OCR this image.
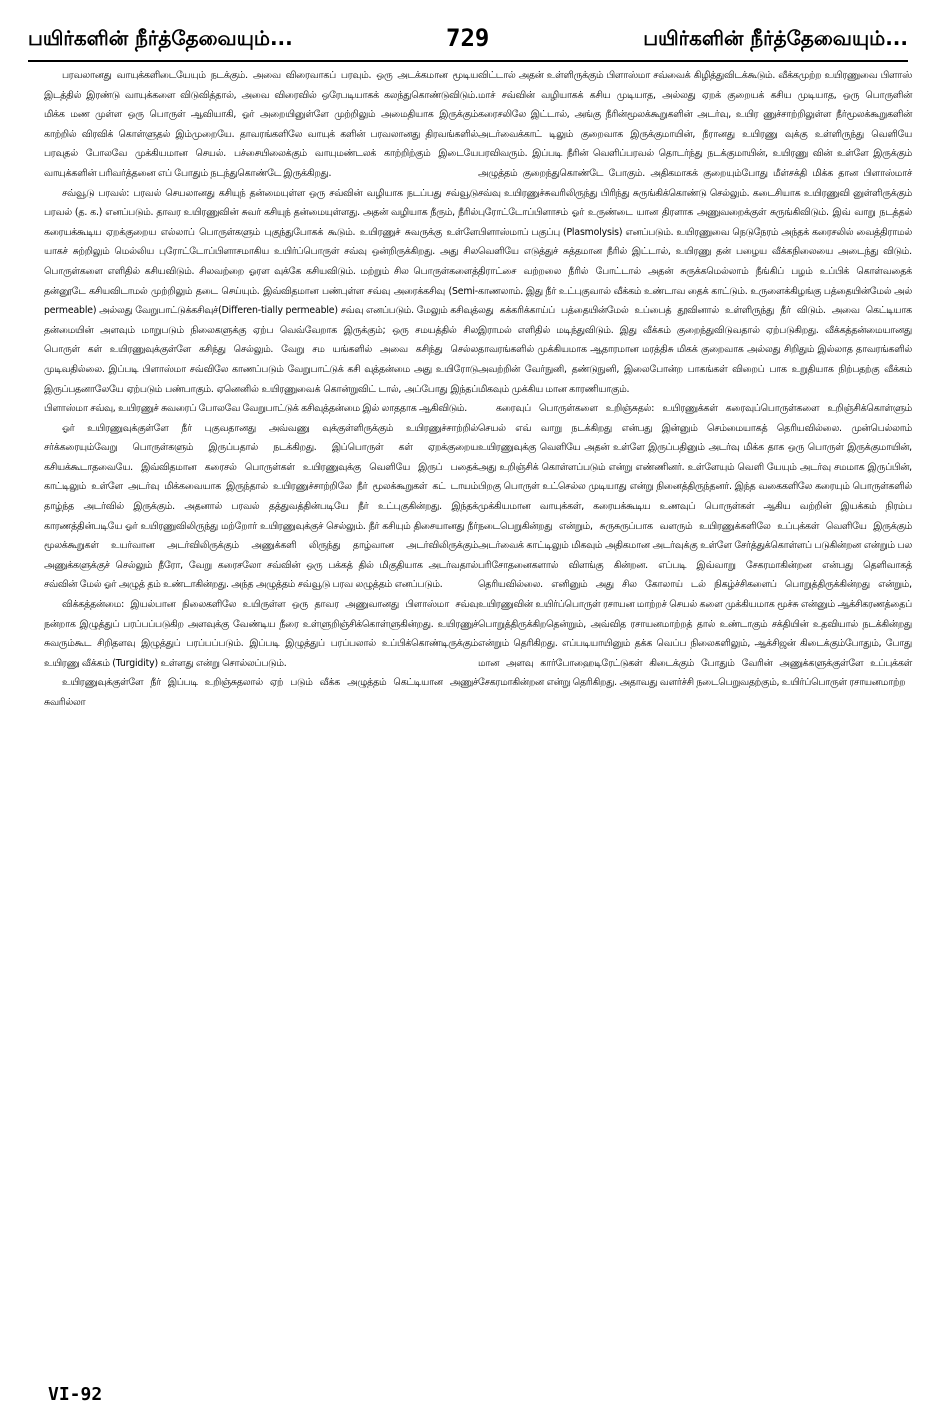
பயிர்களின் நீர்த்தேவையும்...	729	பயிர்களின் நீர்த்தேவையும்...

பரவலானது வாயுக்களிடையேயும் நடக்கும். அவை விரைவாகப் பரவும். ஒரு அடக்கமான மூடிய இடத்தில் இரண்டு வாயுக்களை விடுவித்தால், அவை விரைவில் ஒரேபடியாகக் கலந்துகொண்டுவிடும். மிக்க மண முள்ள ஒரு பொருள் ஆவியாகி, ஓர் அறையினுள்ளே முற்றிலும் அமைதியாக இருக்கும் காற்றில் விரவிக் கொள்ளுதல் இம்முறையே. தாவரங்களிலே வாயுக் களின் பரவலானது திரவங்களில் பரவுதல் போலவே முக்கியமான செயல். பச்சையிலைக்கும் வாயுமண்டலக் காற்றிற்கும் இடையே வாயுக்களின் பரிவர்த்தனை எப் போதும் நடந்துகொண்டே இருக்கிறது.

சவ்வூடு பரவல்: பரவல் செயலானது கசியுந் தன்மையுள்ள ஒரு சவ்வின் வழியாக நடப்பது சவ்வூடு பரவல் (த. க.) எனப்படும். தாவர உயிரணுவின் சுவர் கசியுந் தன்மையுள்ளது. அதன் வழியாக நீரும், நீரில் கரையக்கூடிய ஏறக்குறைய எல்லாப் பொருள்களும் புகுந்துபோகக் கூடும். உயிரணுச் சுவருக்கு உள்ளே யாகச் சுற்றிலும் மெல்லிய புரோட்டோப்பிளாசமாகிய உயிர்ப்பொருள் சவ்வு ஒன்றிருக்கிறது. அது சில பொருள்களை எளிதில் கசியவிடும். சிலவற்றை ஓரள வுக்கே கசியவிடும். மற்றும் சில பொருள்களைத் தன்னூடே கசியவிடாமல் முற்றிலும் தடை செய்யும். இவ்விதமான பண்புள்ள சவ்வு அரைக்கசிவு (Semi-permeable) அல்லது வேறுபாட்டுக்கசிவுச்(Differen-tially permeable) சவ்வு எனப்படும். மேலும் கசிவுத் தன்மையின் அளவும் மாறுபடும் நிலைகளுக்கு ஏற்ப வெவ்வேறாக இருக்கும்; ஒரு சமயத்தில் சில பொருள் கள் உயிரணுவுக்குள்ளே கசிந்து செல்லும். வேறு சம யங்களில் அவை கசிந்து செல்ல முடிவதில்லை. இப்படி பிளாஸ்மா சவ்விலே காணப்படும் வேறுபாட்டுக் கசி வுத்தன்மை அது உயிரோடு இருப்பதனாலேயே ஏற்படும் பண்பாகும். ஏனெனில் உயிரணுவைக் கொன்றுவிட் டால், அப்போது இந்தப் பிளாஸ்மா சவ்வு, உயிரணுச் சுவரைப் போலவே வேறுபாட்டுக் கசிவுத்தன்மை இல் லாததாக ஆகிவிடும்.

ஓர் உயிரணுவுக்குள்ளே நீர் புகுவதானது அவ்வணு வுக்குள்ளிருக்கும் உயிரணுச்சாற்றில் சர்க்கரையும்வேறு பொருள்களும் இருப்பதால் நடக்கிறது. இப்பொருள் கள் ஏறக்குறைய கசியக்கூடாதவையே. இவ்விதமான கரைசல் பொருள்கள் உயிரணுவுக்கு வெளியே இருப் பதைக் காட்டிலும் உள்ளே அடர்வு மிக்கவையாக இருந்தால் உயிரணுச்சாற்றிலே நீர் மூலக்கூறுகள் கட் டாயம் தாழ்ந்த அடர்வில் இருக்கும். அதனால் பரவல் தத்துவத்தின்படியே நீர் உட்புகுகின்றது. இந்தக் காரணத்தின்படியே ஓர் உயிரணுவிலிருந்து மற்றோர் உயிரணுவுக்குச் செல்லும். நீர் கசியும் திசையானது நீர் மூலக்கூறுகள் உயர்வான அடர்விலிருக்கும் அணுக்களி லிருந்து தாழ்வான அடர்விலிருக்கும் அணுக்களுக்குச் செல்லும் நீரோ, வேறு கரைசலோ சவ்வின் ஒரு பக்கத் தில் மிகுதியாக அடர்வதால் சவ்வின் மேல் ஓர் அழுத் தம் உண்டாகின்றது. அந்த அழுத்தம் சவ்வூடு பரவ லழுத்தம் எனப்படும்.

விக்கத்தன்மை: இயல்பான நிலைகளிலே உயிருள்ள ஒரு தாவர அணுவானது பிளாஸ்மா சவ்வு நன்றாக இழுத்துப் பரப்பப்படுகிற அளவுக்கு வேண்டிய நீரை உள்ளுறிஞ்சிக்கொள்ளுகின்றது. உயிரணுச் சுவரும்கூட சிறிதளவு இழுத்துப் பரப்பப்படும். இப்படி இழுத்துப் பரப்பலால் உப்பிக்கொண்டிருக்கும் உயிரணு வீக்கம் (Turgidity) உள்ளது என்று சொல்லப்படும்.

உயிரணுவுக்குள்ளே நீர் இப்படி உறிஞ்சுதலால் ஏற் படும் வீக்க அழுத்தம் கெட்டியான அணுச் சுவரில்லா

விட்டால் அதன் உள்ளிருக்கும் பிளாஸ்மா சவ்வைக் கிழித்துவிடக்கூடும். வீக்கமுற்ற உயிரணுவை பிளாஸ் மாச் சவ்வின் வழியாகக் கசிய முடியாத, அல்லது ஏறக் குறையக் கசிய முடியாத, ஒரு பொருளின் கரைசலிலே இட்டால், அங்கு நீரின்மூலக்கூறுகளின் அடர்வு, உயிர ணுச்சாற்றிலுள்ள நீர்மூலக்கூறுகளின் அடர்வைக்காட் டிலும் குறைவாக இருக்குமாயின், நீரானது உயிரணு வுக்கு உள்ளிருந்து வெளியே பரவிவரும். இப்படி நீரின் வெளிப்பரவல் தொடர்ந்து நடக்குமாயின், உயிரணு வின் உள்ளே இருக்கும் அழுத்தம் குறைந்துகொண்டே போகும். அதிகமாகக் குறையும்போது மீள்சக்தி மிக்க தான பிளாஸ்மாச் சவ்வு உயிரணுச்சுவரிலிருந்து பிரிந்து சுருங்கிக்கொண்டு செல்லும். கடைசியாக உயிரணுவி னுள்ளிருக்கும் புரோட்டோப்பிளாசம் ஓர் உருண்டை யான திரளாக அணுவறைக்குள் சுருங்கிவிடும். இவ் வாறு நடத்தல் பிளாஸ்மாப் பகுப்பு (Plasmolysis) எனப்படும். உயிரணுவை நெடுநேரம் அந்தக் கரைசலில் வைத்திராமல் வெளியே எடுத்துச் சுத்தமான நீரில் இட்டால், உயிரணு தன் பழைய வீக்கநிலையை அடைந்து விடும். திராட்சை வற்றலை நீரில் போட்டால் அதன் சுருக்கமெல்லாம் நீங்கிப் பழம் உப்பிக் கொள்வதைக் காணலாம். இது நீர் உட்புகுவால் வீக்கம் உண்டாவ தைக் காட்டும். உருளைக்கிழங்கு பத்தையின்மேல் அல் லது கக்கரிக்காய்ப் பத்தையின்மேல் உப்பைத் தூவினால் உள்ளிருந்து நீர் விடும். அவை கெட்டியாக இராமல் எளிதில் மடிந்துவிடும். இது வீக்கம் குறைந்துவிடுவதால் ஏற்படுகிறது. வீக்கத்தன்மையானது தாவரங்களில் முக்கியமாக ஆதாரமான மரத்திசு மிகக் குறைவாக அல்லது சிறிதும் இல்லாத தாவரங்களில் அவற்றின் வேர்நுனி, தண்டுநுனி, இலைபோன்ற பாகங்கள் விறைப் பாக உறுதியாக நிற்பதற்கு வீக்கம் மிகவும் முக்கிய மான காரணியாகும்.

கரைவுப் பொருள்களை உறிஞ்சுதல்: உயிரணுக்கள் கரைவுப்பொருள்களை உறிஞ்சிக்கொள்ளும் செயல் எவ் வாறு நடக்கிறது என்பது இன்னும் செம்மையாகத் தெரியவில்லை. முன்பெல்லாம் உயிரணுவுக்கு வெளியே அதன் உள்ளே இருப்பதினும் அடர்வு மிக்க தாக ஒரு பொருள் இருக்குமாயின், அது உறிஞ்சிக் கொள்ளப்படும் என்று எண்ணினர். உள்ளேயும் வெளி யேயும் அடர்வு சமமாக இருப்பின், பிறகு பொருள் உட்செல்ல முடியாது என்று நினைத்திருந்தனர். இந்த வகைகளிலே கரையும் பொருள்களில் முக்கியமான வாயுக்கள், கரையக்கூடிய உணவுப் பொருள்கள் ஆகிய வற்றின் இயக்கம் நிரம்ப நடைபெறுகின்றது என்றும், சுருசுருப்பாக வளரும் உயிரணுக்களிலே உப்புக்கள் வெளியே இருக்கும் அடர்வைக் காட்டிலும் மிகவும் அதிகமான அடர்வுக்கு உள்ளே சேர்த்துக்கொள்ளப் படுகின்றன என்றும் பல பரிசோதனைகளால் விளங்கு கின்றன. எப்படி இவ்வாறு சேகரமாகின்றன என்பது தெளிவாகத் தெரியவில்லை. எனினும் அது சில கோலாய் டல் நிகழ்ச்சிகளைப் பொறுத்திருக்கின்றது என்றும், உயிரணுவின் உயிர்ப்பொருள் ரசாயன மாற்றச் செயல் களை முக்கியமாக மூச்சு என்னும் ஆக்சிகரணத்தைப் பொறுத்திருக்கிறதென்றும், அவ்வித ரசாயனமாற்றத் தால் உண்டாகும் சக்தியின் உதவியால் நடக்கின்றது என்றும் தெரிகிறது. எப்படியாயினும் தக்க வெப்ப நிலைகளிலும், ஆக்சிஜன் கிடைக்கும்போதும், போது மான அளவு கார்போஹைடிரேட்டுகள் கிடைக்கும் போதும் வேரின் அணுக்களுக்குள்ளே உப்புக்கள் சேகரமாகின்றன என்று தெரிகிறது. அதாவது வளர்ச்சி நடைபெறுவதற்கும், உயிர்ப்பொருள் ரசாயனமாற்ற

VI-92
